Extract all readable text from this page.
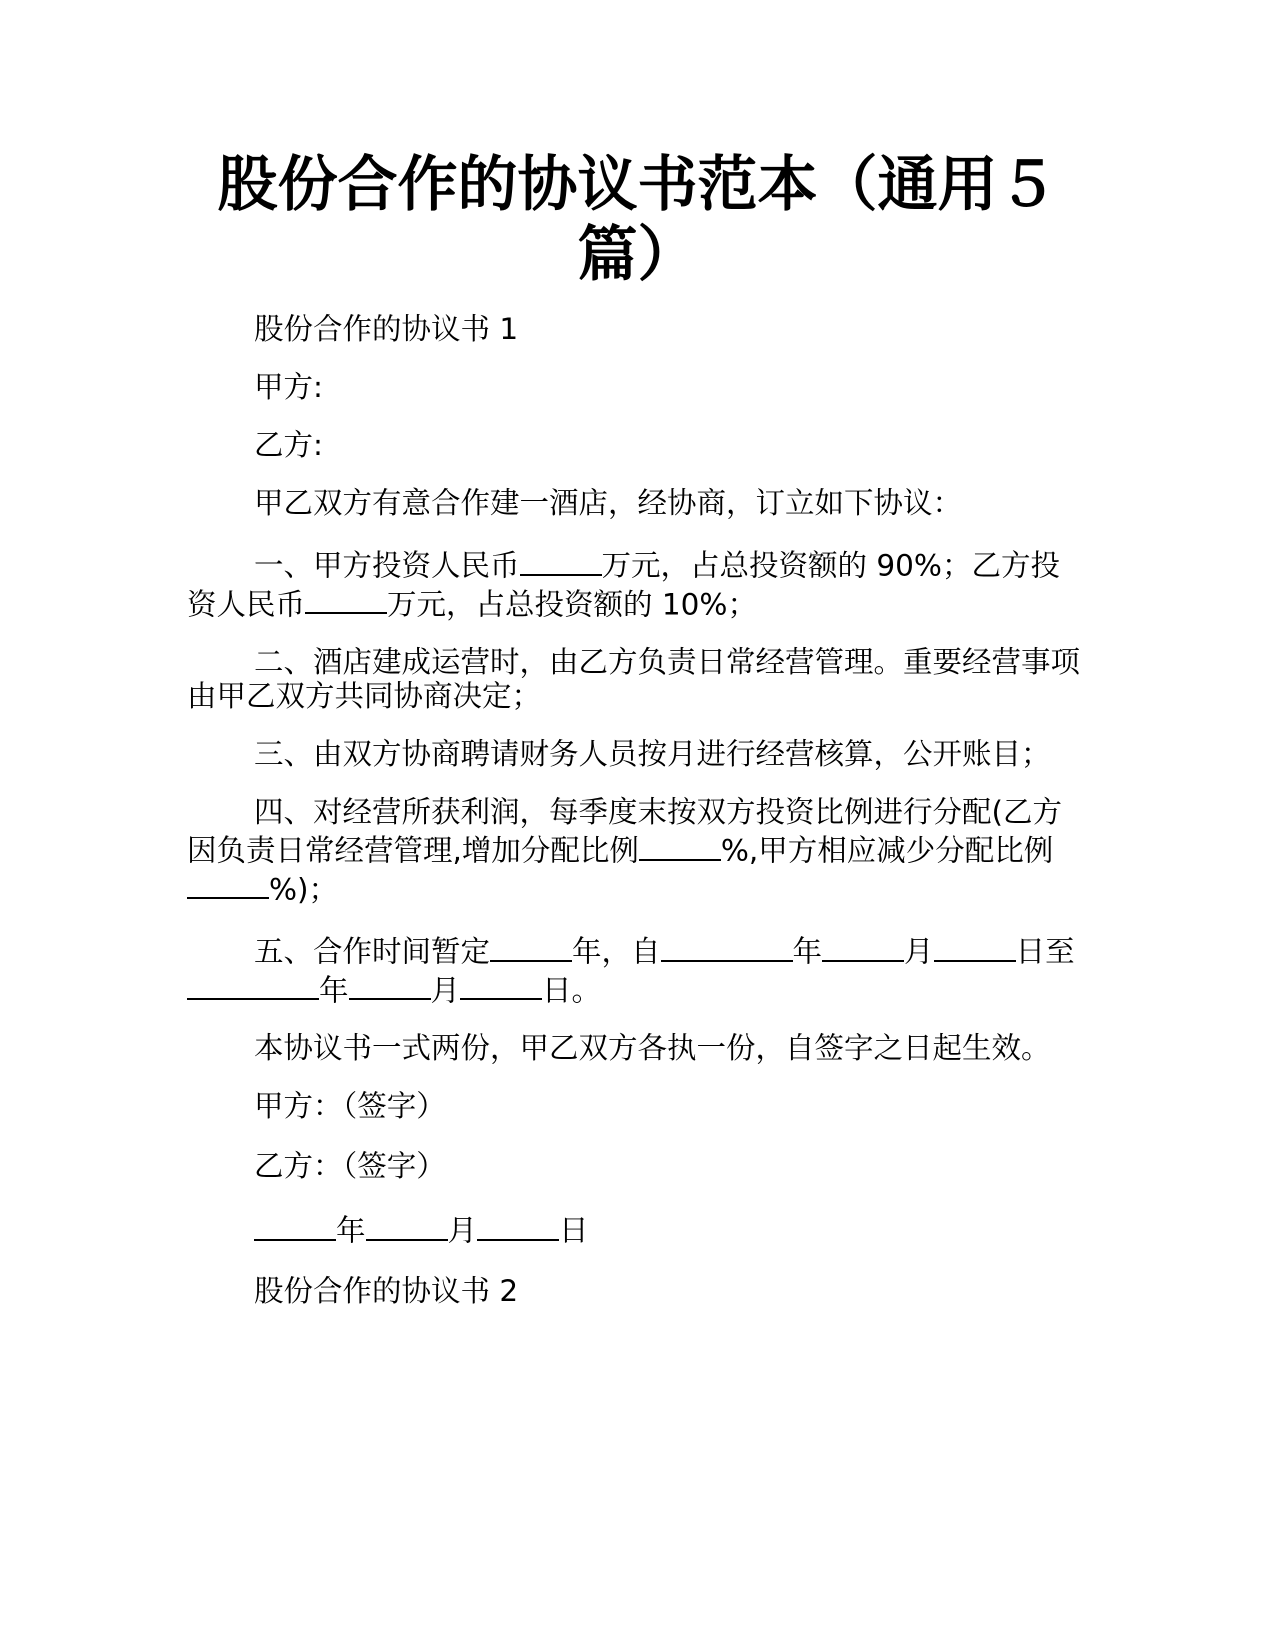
股份合作的协议书范本（通用５篇）

股份合作的协议书 1

甲方:

乙方:

甲乙双方有意合作建一酒店，经协商，订立如下协议：

一、甲方投资人民币	万元，占总投资额的 90%；乙方投资人民币	万元，占总投资额的 10%；

二、酒店建成运营时，由乙方负责日常经营管理。重要经营事项由甲乙双方共同协商决定；

三、由双方协商聘请财务人员按月进行经营核算，公开账目；

四、对经营所获利润，每季度末按双方投资比例进行分配(乙方因负责日常经营管理,增加分配比例	%,甲方相应减少分配比例%)；

五、合作时间暂定	年，自	年	月	日至年	月	日。

本协议书一式两份，甲乙双方各执一份，自签字之日起生效。

甲方：（签字）

乙方：（签字）

年	月	日

股份合作的协议书 2
